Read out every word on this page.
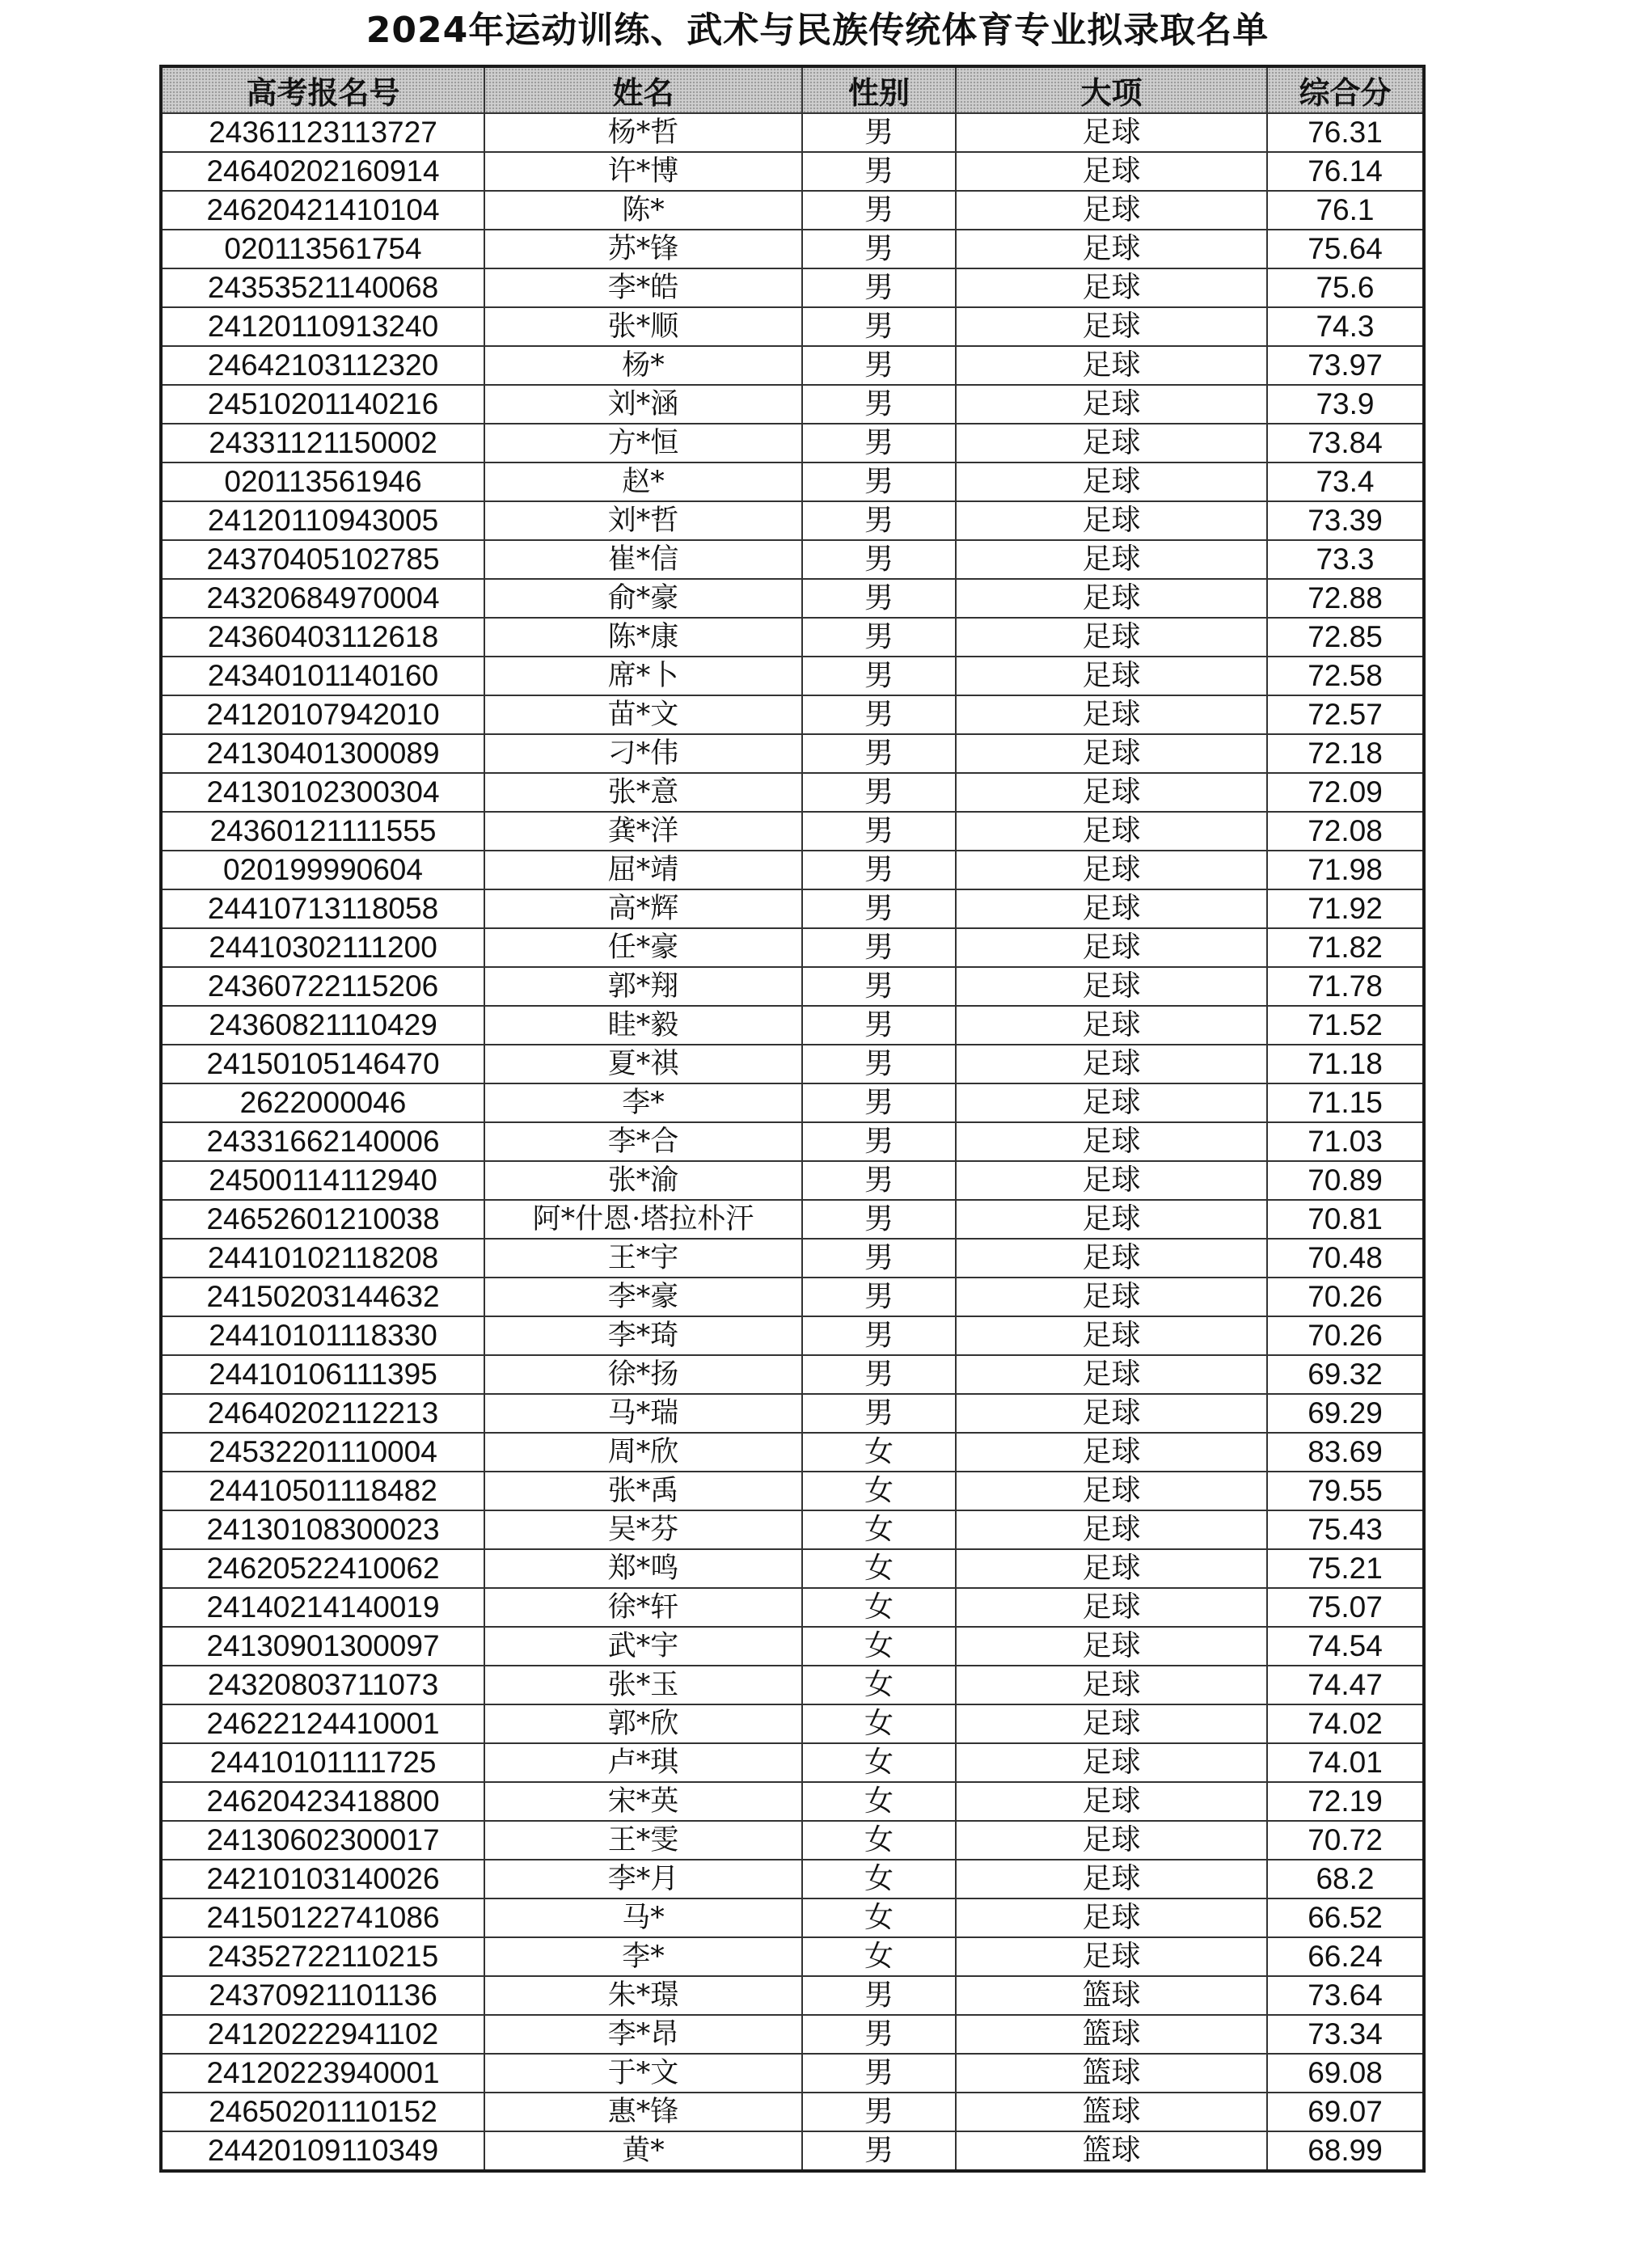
2024年运动训练、武术与民族传统体育专业拟录取名单
高考报名号	姓名	性别	大项	综合分
24361123113727	杨*哲	男	足球	76.31
24640202160914	许*博	男	足球	76.14
24620421410104	陈*	男	足球	76.1
020113561754	苏*锋	男	足球	75.64
24353521140068	李*皓	男	足球	75.6
24120110913240	张*顺	男	足球	74.3
24642103112320	杨*	男	足球	73.97
24510201140216	刘*涵	男	足球	73.9
24331121150002	方*恒	男	足球	73.84
020113561946	赵*	男	足球	73.4
24120110943005	刘*哲	男	足球	73.39
24370405102785	崔*信	男	足球	73.3
24320684970004	俞*豪	男	足球	72.88
24360403112618	陈*康	男	足球	72.85
24340101140160	席*卜	男	足球	72.58
24120107942010	苗*文	男	足球	72.57
24130401300089	刁*伟	男	足球	72.18
24130102300304	张*意	男	足球	72.09
24360121111555	龚*洋	男	足球	72.08
020199990604	屈*靖	男	足球	71.98
24410713118058	高*辉	男	足球	71.92
24410302111200	任*豪	男	足球	71.82
24360722115206	郭*翔	男	足球	71.78
24360821110429	眭*毅	男	足球	71.52
24150105146470	夏*祺	男	足球	71.18
2622000046	李*	男	足球	71.15
24331662140006	李*合	男	足球	71.03
24500114112940	张*渝	男	足球	70.89
24652601210038	阿*什恩·塔拉朴汗	男	足球	70.81
24410102118208	王*宇	男	足球	70.48
24150203144632	李*豪	男	足球	70.26
24410101118330	李*琦	男	足球	70.26
24410106111395	徐*扬	男	足球	69.32
24640202112213	马*瑞	男	足球	69.29
24532201110004	周*欣	女	足球	83.69
24410501118482	张*禹	女	足球	79.55
24130108300023	吴*芬	女	足球	75.43
24620522410062	郑*鸣	女	足球	75.21
24140214140019	徐*轩	女	足球	75.07
24130901300097	武*宇	女	足球	74.54
24320803711073	张*玉	女	足球	74.47
24622124410001	郭*欣	女	足球	74.02
24410101111725	卢*琪	女	足球	74.01
24620423418800	宋*英	女	足球	72.19
24130602300017	王*雯	女	足球	70.72
24210103140026	李*月	女	足球	68.2
24150122741086	马*	女	足球	66.52
24352722110215	李*	女	足球	66.24
24370921101136	朱*璟	男	篮球	73.64
24120222941102	李*昂	男	篮球	73.34
24120223940001	于*文	男	篮球	69.08
24650201110152	惠*锋	男	篮球	69.07
24420109110349	黄*	男	篮球	68.99
